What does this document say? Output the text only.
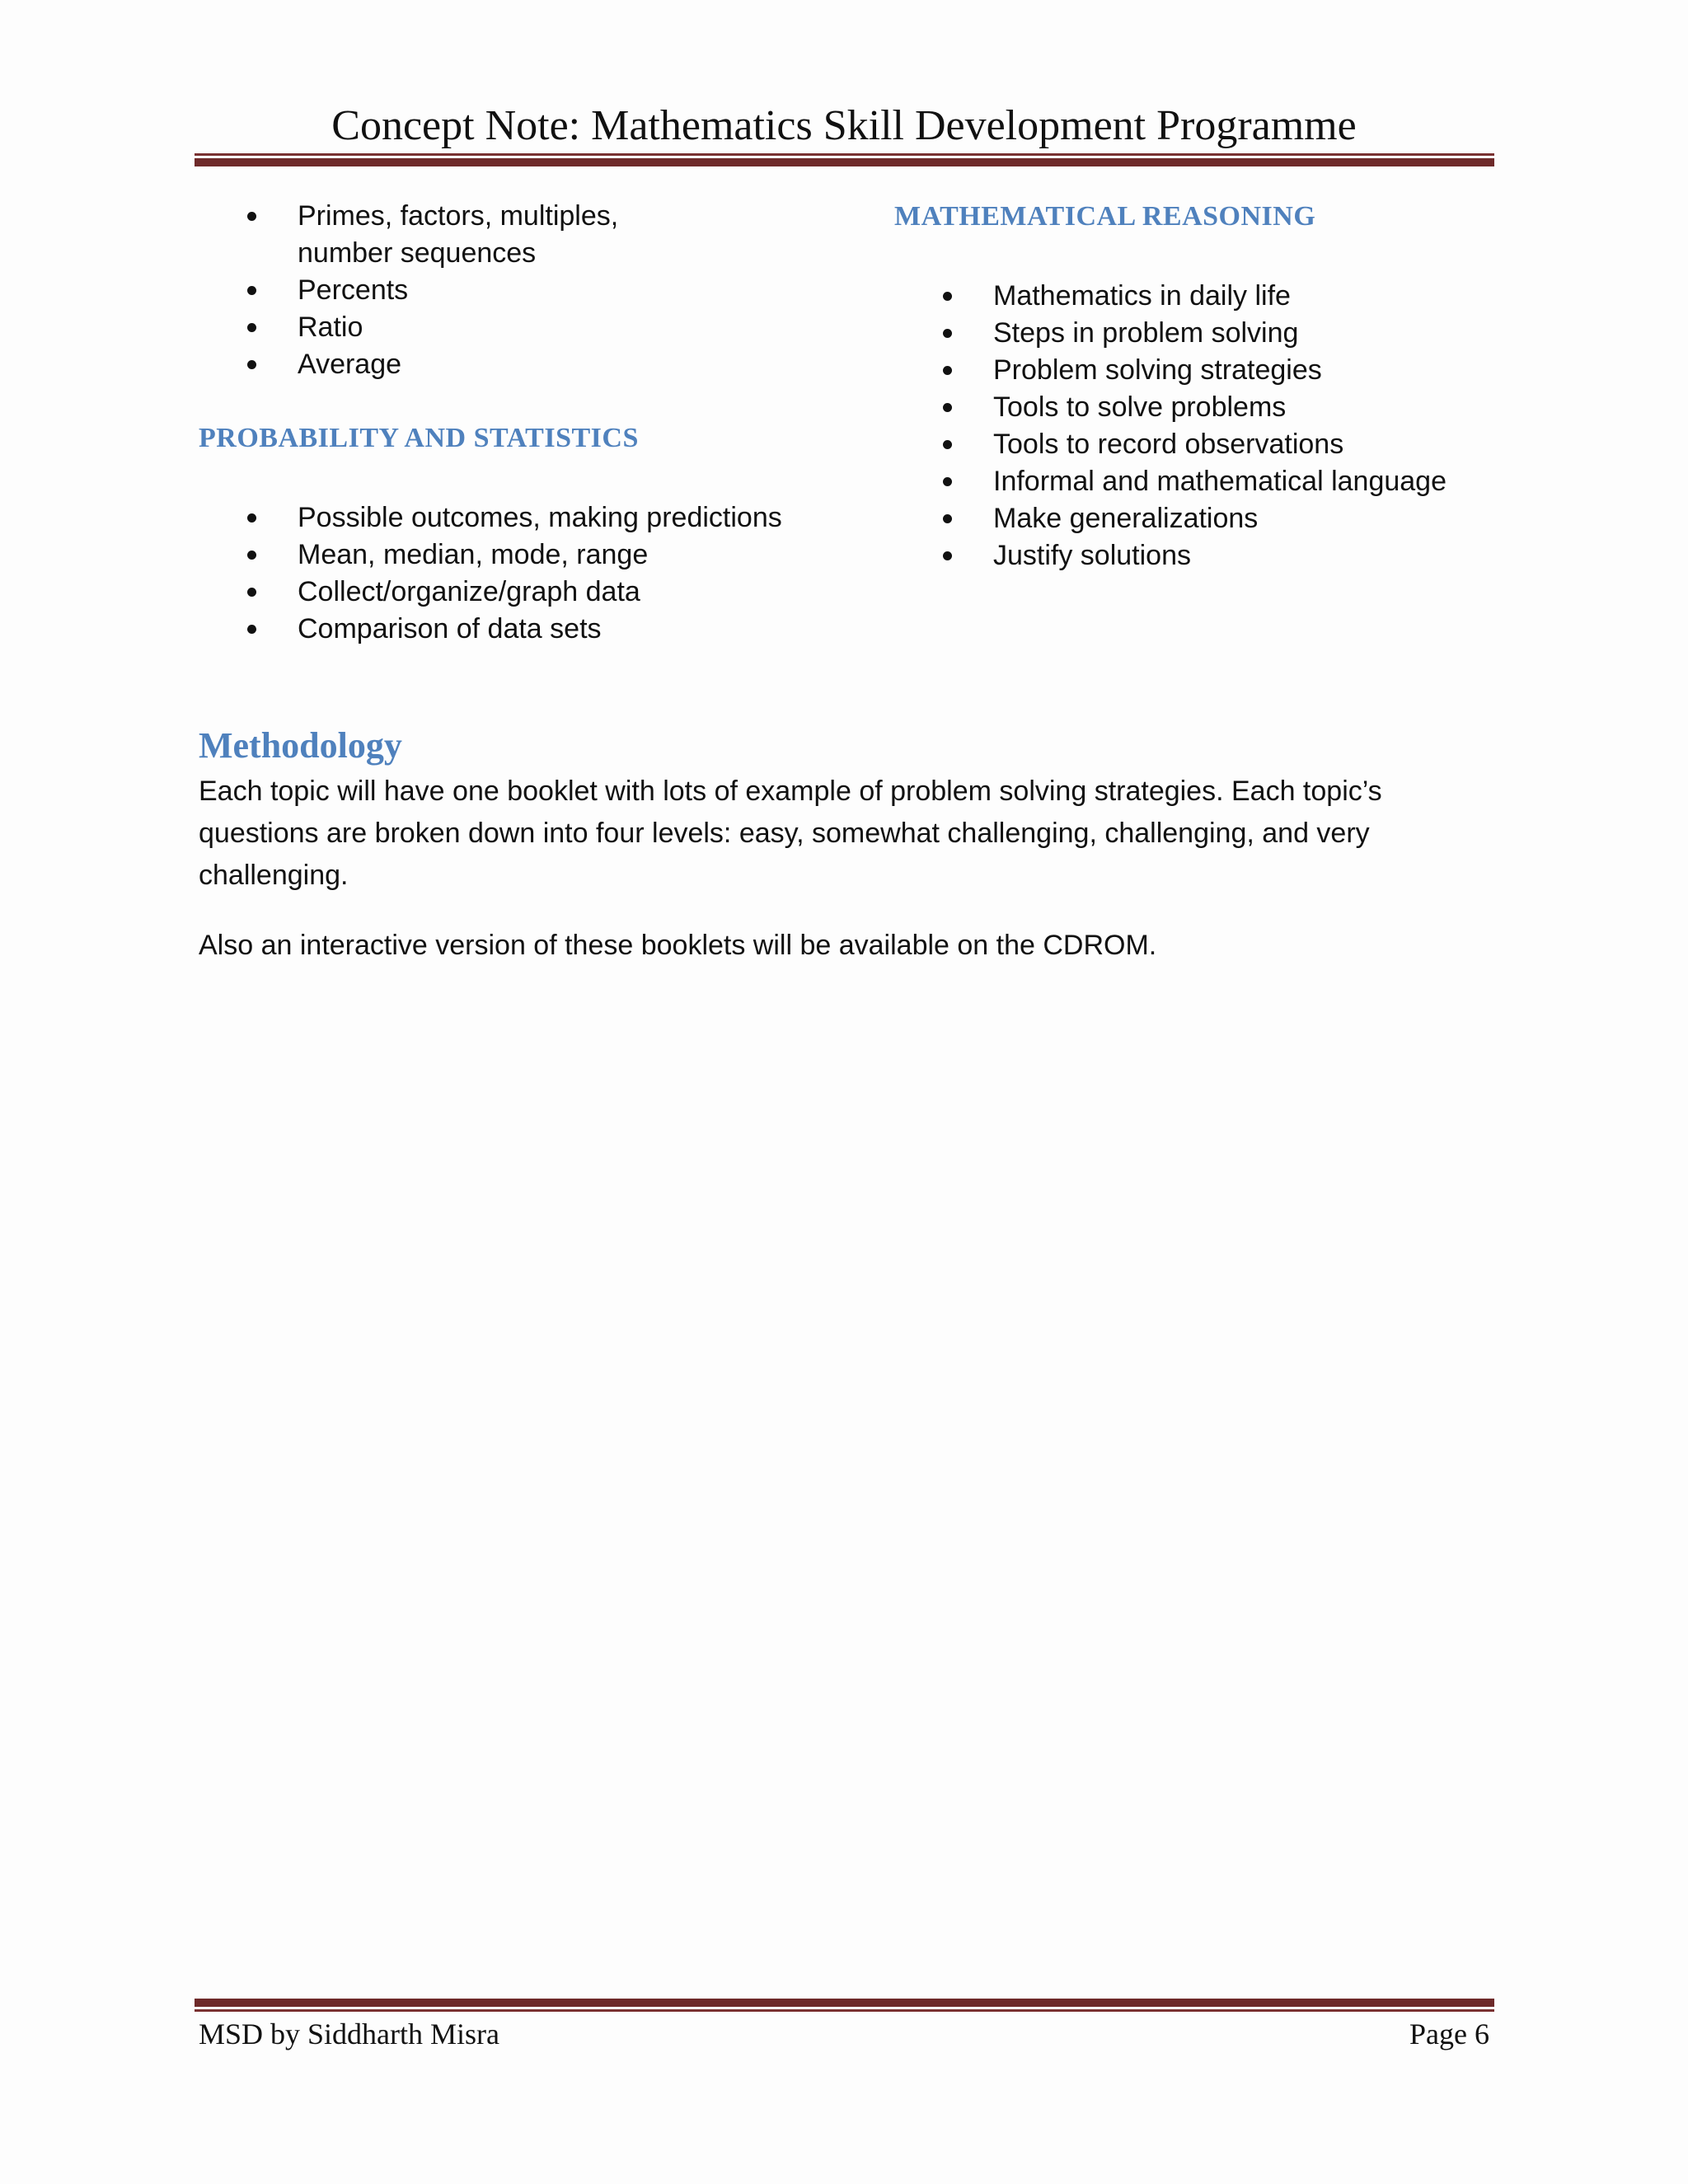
Concept Note: Mathematics Skill Development Programme
Primes, factors, multiples, number sequences
Percents
Ratio
Average
PROBABILITY AND STATISTICS
Possible outcomes, making predictions
Mean, median, mode, range
Collect/organize/graph data
Comparison of data sets
MATHEMATICAL REASONING
Mathematics in daily life
Steps in problem solving
Problem solving strategies
Tools to solve problems
Tools to record observations
Informal and mathematical language
Make generalizations
Justify solutions
Methodology

Each topic will have one booklet with lots of example of problem solving strategies. Each topic’s questions are broken down into four levels: easy, somewhat challenging, challenging, and very challenging.

Also an interactive version of these booklets will be available on the CDROM.

MSD by Siddharth Misra	Page 6
